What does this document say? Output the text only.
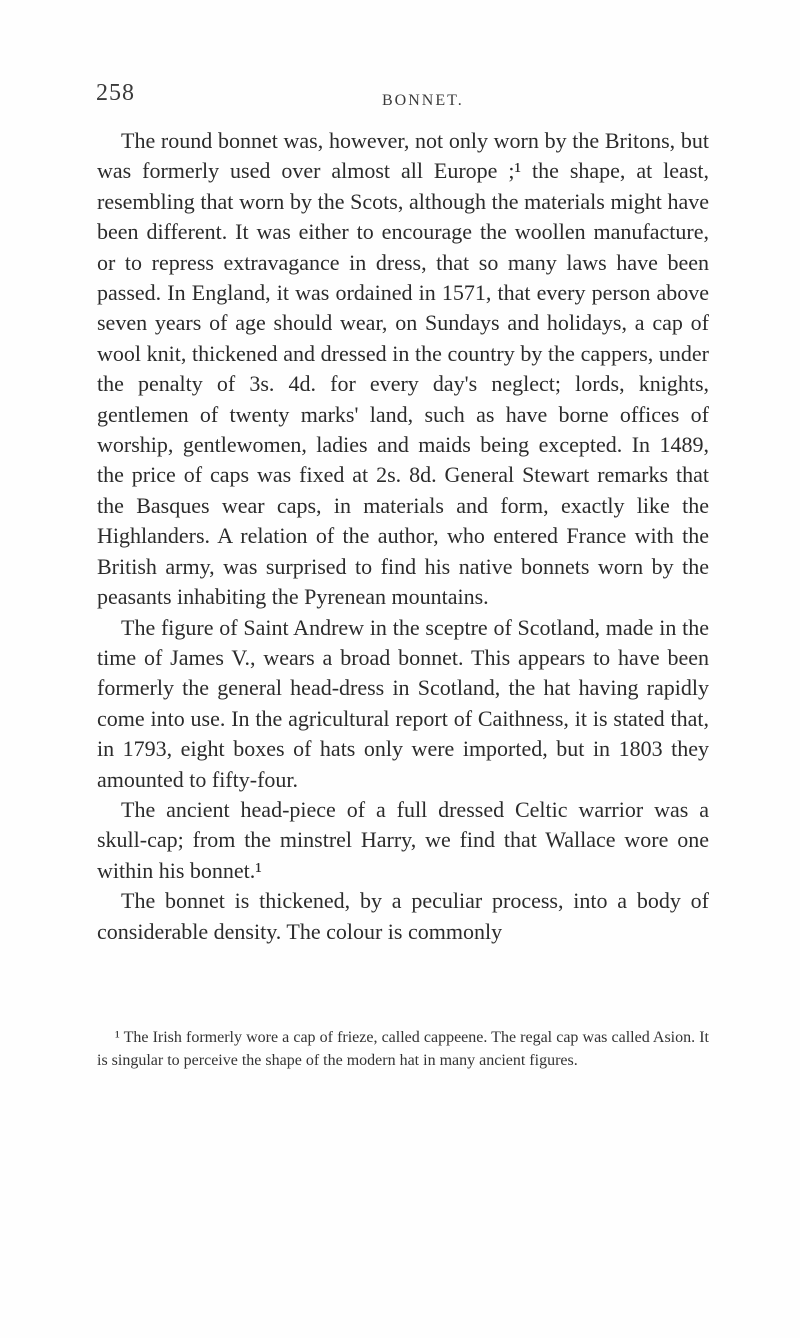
258	BONNET.

The round bonnet was, however, not only worn by the Britons, but was formerly used over almost all Europe ;¹ the shape, at least, resembling that worn by the Scots, although the materials might have been different. It was either to encourage the woollen manufacture, or to repress extravagance in dress, that so many laws have been passed. In England, it was ordained in 1571, that every person above seven years of age should wear, on Sundays and holidays, a cap of wool knit, thickened and dressed in the country by the cappers, under the penalty of 3s. 4d. for every day's neglect; lords, knights, gentlemen of twenty marks' land, such as have borne offices of worship, gentlewomen, ladies and maids being excepted. In 1489, the price of caps was fixed at 2s. 8d. General Stewart remarks that the Basques wear caps, in materials and form, exactly like the Highlanders. A relation of the author, who entered France with the British army, was surprised to find his native bonnets worn by the peasants inhabiting the Pyrenean mountains.

The figure of Saint Andrew in the sceptre of Scotland, made in the time of James V., wears a broad bonnet. This appears to have been formerly the general head-dress in Scotland, the hat having rapidly come into use. In the agricultural report of Caithness, it is stated that, in 1793, eight boxes of hats only were imported, but in 1803 they amounted to fifty-four.

The ancient head-piece of a full dressed Celtic warrior was a skull-cap; from the minstrel Harry, we find that Wallace wore one within his bonnet.¹

The bonnet is thickened, by a peculiar process, into a body of considerable density. The colour is commonly

¹ The Irish formerly wore a cap of frieze, called cappeene. The regal cap was called Asion. It is singular to perceive the shape of the modern hat in many ancient figures.
